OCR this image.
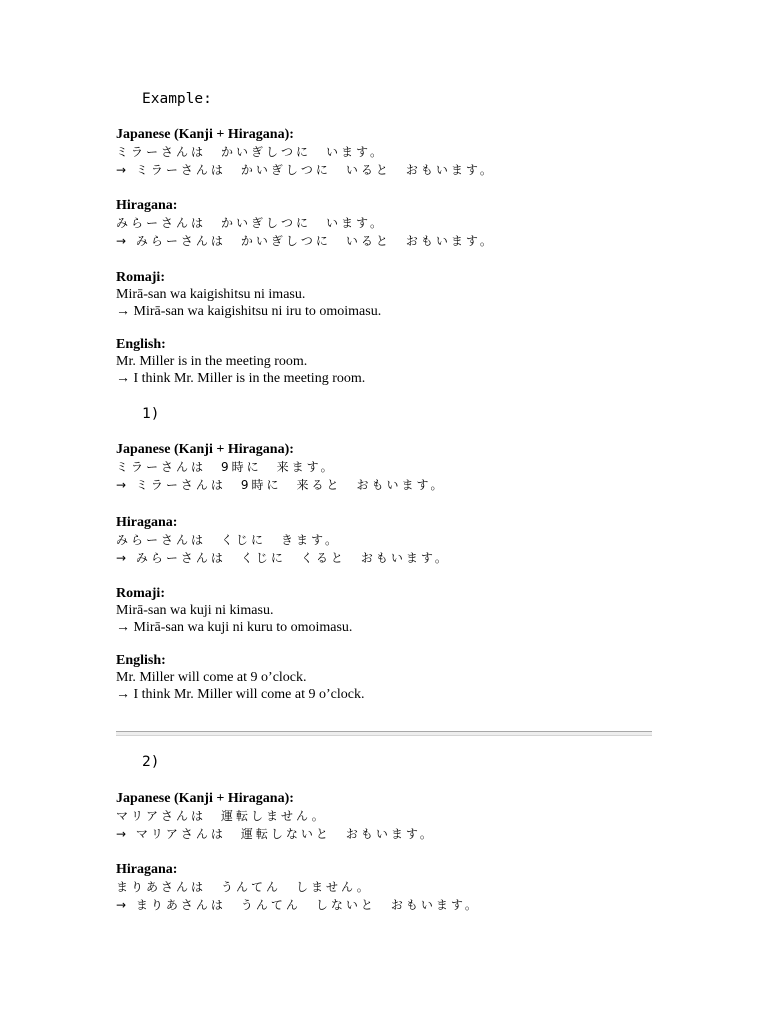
Example:
Japanese (Kanji + Hiragana):
ミラーさんは　かいぎしつに　います。
→ ミラーさんは　かいぎしつに　いると　おもいます。
Hiragana:
みらーさんは　かいぎしつに　います。
→ みらーさんは　かいぎしつに　いると　おもいます。
Romaji:
Mirā-san wa kaigishitsu ni imasu.
→ Mirā-san wa kaigishitsu ni iru to omoimasu.
English:
Mr. Miller is in the meeting room.
→ I think Mr. Miller is in the meeting room.
1)
Japanese (Kanji + Hiragana):
ミラーさんは　9時に　来ます。
→ ミラーさんは　9時に　来ると　おもいます。
Hiragana:
みらーさんは　くじに　きます。
→ みらーさんは　くじに　くると　おもいます。
Romaji:
Mirā-san wa kuji ni kimasu.
→ Mirā-san wa kuji ni kuru to omoimasu.
English:
Mr. Miller will come at 9 o’clock.
→ I think Mr. Miller will come at 9 o’clock.
2)
Japanese (Kanji + Hiragana):
マリアさんは　運転しません。
→ マリアさんは　運転しないと　おもいます。
Hiragana:
まりあさんは　うんてん　しません。
→ まりあさんは　うんてん　しないと　おもいます。
